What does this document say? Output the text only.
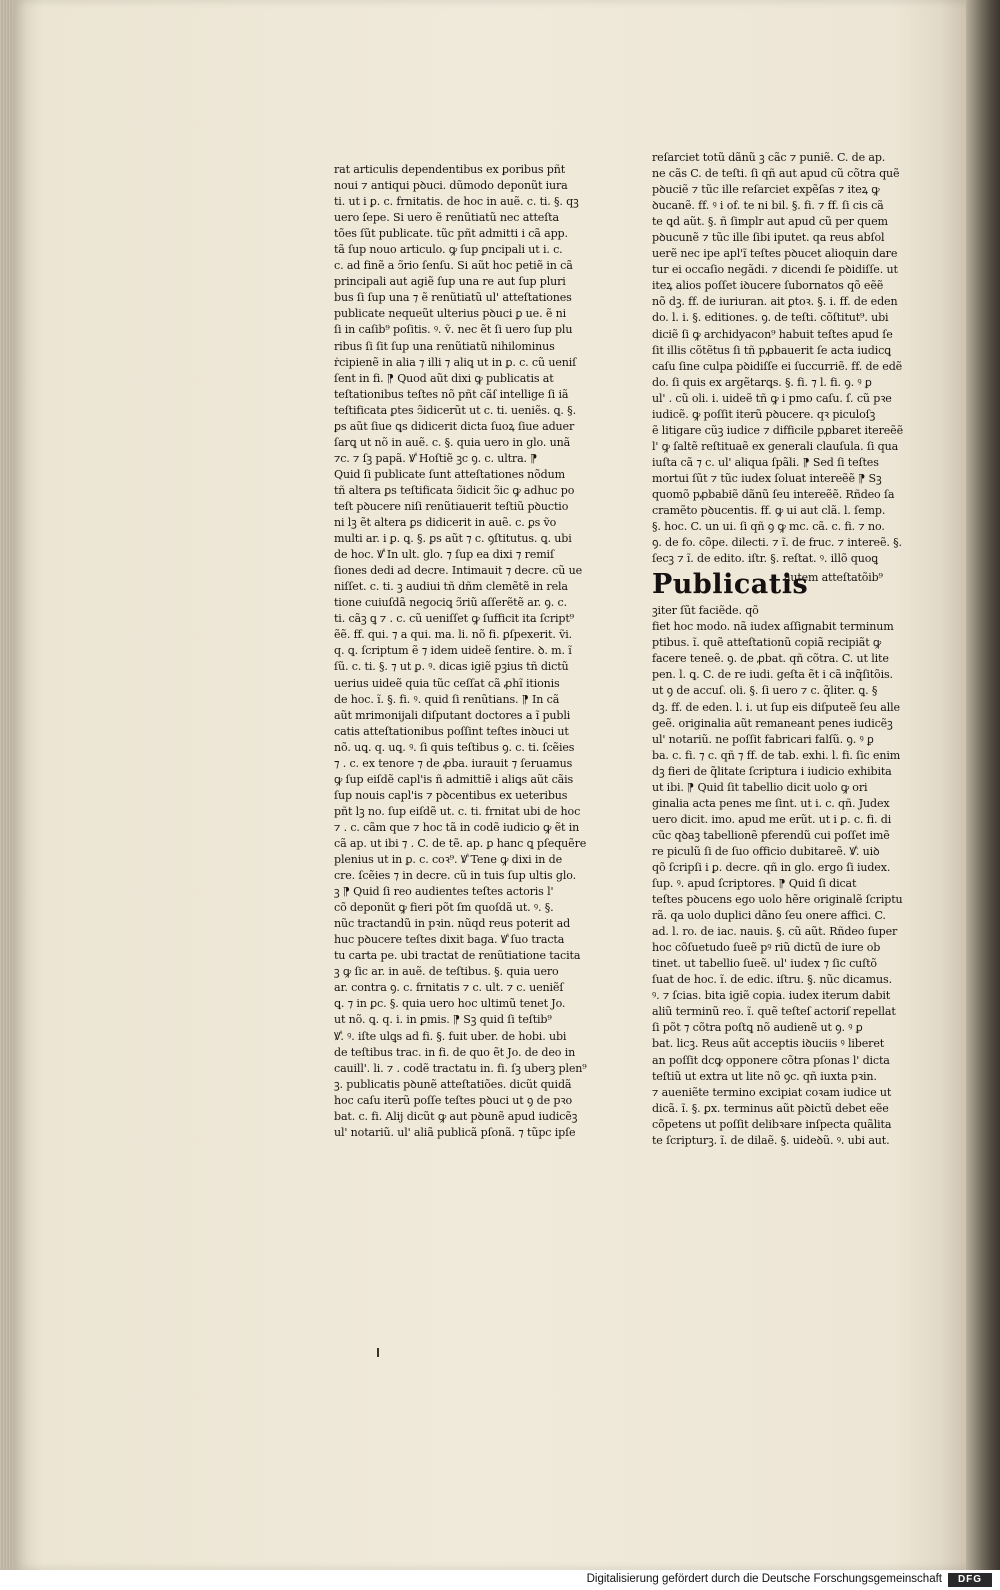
rat articulis dependentibus ex ꝑoribus pñt
noui ⁊ antiqui pꝺuci. dũmodo deponũt iura
ti. ut i ꝑ. c. frnitatis. de hoc in auẽ. c. ti. §. qꝫ
uero ſepe. Si uero ẽ renũtiatũ nec atteſta
tões ſũt publicate. tũc pñt admitti i cã app.
tã ſup nouo articulo. ꝙ ſup ꝑncipali ut i. c.
c. ad finẽ a ↄ̃rio ſenſu. Si aũt hoc petiẽ in cã
principali aut agiẽ ſup una re aut ſup pluri
bus ſi ſup una ⁊ ẽ renũtiatũ ul' atteſtationes
publicate nequeũt ulterius pꝺuci ꝑ ue. ẽ ni
ſi in caſib⁹ poſitis. ꝰ. ṽ. nec ẽt ſi uero ſup plu
ribus ſi ſit ſup una renũtiatũ nihilominus
ṙcipienẽ in alia ⁊ illi ⁊ aliꝗ ut in ꝑ. c. cũ ueniſ
ſent in fi. ⁋ Quod aũt dixi ꝙ publicatis at
teſtationibus teſtes nõ pñt cãſ intellige ſi iã
teſtificata ꝑtes ↄ̃idicerũt ut c. ti. ueniẽs. ꝗ. §.
ꝑs aũt ſiue ꝗs didicerit dicta ſuoꝝ ſiue aduer
ſarꝗ ut nõ in auẽ. c. §. quia uero in glo. unã
⁊c. ⁊ ſꝫ papã. Ꝟⷣ Hoſtiẽ ꝫc ꝯ. c. ultra. ⁋
Quid ſi publicate ſunt atteſtationes nõdum
tñ altera ꝑs teſtificata ↄ̃idicit ↄ̃ic ꝙ adhuc po
teſt pꝺucere niſi renũtiauerit teſtiũ pꝺuctio
ni lꝫ ẽt altera ꝑs didicerit in auẽ. c. ꝑs ṽo
multi ar. i ꝑ. ꝗ. §. ꝑs aũt ⁊ c. ꝯſtitutus. ꝗ. ubi
de hoc. Ꝟⷣ In ult. glo. ⁊ ſup ea dixi ⁊ remiſ
ſiones dedi ad decre. Intimauit ⁊ decre. cũ ue
niſſet. c. ti. ꝫ audiui tñ dñm clemẽtẽ in rela
tione cuiuſdã negociꝗ ↄ̃riũ aſſerẽtẽ ar. ꝯ. c.
ti. cãꝫ ꝗ ⁊ . c. cũ ueniſſet ꝙ ſufficit ita ſcript⁹
ẽẽ. ff. qui. ⁊ a qui. ma. li. nõ fi. ꝑſpexerit. ṽi.
q. ꝗ. ſcriptum ẽ ⁊ idem uideẽ ſentire. ꝺ. m. ĩ
ſũ. c. ti. §. ⁊ ut ꝑ. ꝰ. dicas igiẽ pꝫius tñ dictũ
uerius uideẽ quia tũc ceſſat cã ꝓhĩ itionis
de hoc. ĩ. §. fi. ꝰ. quid ſi renũtians. ⁋ In cã
aũt mrimonijali diſputant doctores a ĩ publi
catis atteſtationibus poſſint teſtes inꝺuci ut
nõ. uꝗ. q. uꝗ. ꝰ. ſi quis teſtibus ꝯ. c. ti. ſcẽies
⁊ . c. ex tenore ⁊ de ꝓba. iurauit ⁊ ſeruamus
ꝙ ſup eiſdẽ capl'is ñ admittiẽ i aliꝗs aũt cãis
ſup nouis capl'is ⁊ pꝺcentibus ex ueteribus
pñt lꝫ no. ſup eiſdẽ ut. c. ti. frnitat ubi de hoc
⁊ . c. cãm que ⁊ hoc tã in codẽ iudicio ꝙ ẽt in
cã ap. ut ibi ⁊ . C. de tẽ. ap. ꝑ hanc ꝗ pſequẽre
plenius ut in ꝑ. c. coꝛ⁹. Ꝟⷣ Tene ꝙ dixi in de
cre. ſcẽies ⁊ in decre. cũ in tuis ſup ultis glo.
ꝫ ⁋ Quid ſi reo audientes teſtes actoris l'
cõ deponũt ꝙ fieri põt ſm quoſdã ut. ꝰ. §.
nũc tractandũ in pꝛin. nũqd reus poterit ad
huc pꝺucere teſtes dixit baga. Ꝟⷣ ſuo tracta
tu carta pe. ubi tractat de renũtiatione tacita
ꝫ ꝙ ſic ar. in auẽ. de teſtibus. §. quia uero
ar. contra ꝯ. c. frnitatis ⁊ c. ult. ⁊ c. ueniẽſ
ꝗ. ⁊ in ꝑc. §. quia uero hoc ultimũ tenet Jo.
ut nõ. ꝗ. q. i. in ꝑmis. ⁋ Sꝫ quid ſi teſtib⁹
Ꝟⷣ. ꝰ. iſte ulꝗs ad fi. §. fuit uber. de hobi. ubi
de teſtibus trac. in fi. de quo ẽt Jo. de deo in
cauill'. li. ⁊ . codẽ tractatu in. fi. ſꝫ uberꝫ plen⁹
ꝫ. publicatis pꝺunẽ atteſtatiões. dicũt quidã
hoc caſu iterũ poſſe teſtes pꝺuci ut ꝯ de pꝛo
bat. c. fi. Alij dicũt ꝙ aut pꝺunẽ apud iudicẽꝫ
ul' notariũ. ul' aliã publicã pſonã. ⁊ tũpc ipſe
reſarciet totũ dãnũ ꝫ cãc ⁊ puniẽ. C. de ap.
ne cãs C. de teſti. ſi qñ aut apud cũ cõtra quẽ
pꝺuciẽ ⁊ tũc ille reſarciet expẽſas ⁊ iteꝝ ꝙ
ꝺucanẽ. ff. ꝰ i of. te ni bil. §. fi. ⁊ ff. ſi cis cã
te ꝗd aũt. §. ñ ſimplr aut apud cũ per quem
pꝺucunẽ ⁊ tũc ille ſibi iputet. qa reus abſol
uerẽ nec ipe apl'ĩ teſtes pꝺucet alioquin dare
tur ei occaſio negãdi. ⁊ dicendi ſe pꝺidiſſe. ut
iteꝝ alios poſſet iꝺucere ſubornatos qõ eẽẽ
nõ dꝫ. ff. de iuriuran. ait ꝑtoꝛ. §. i. ff. de eden
do. l. i. §. editiones. ꝯ. de teſti. cõſtitut⁹. ubi
diciẽ ſi ꝙ archidyacon⁹ habuit teſtes apud ſe
ſit illis cõtẽtus ſi tñ pꝓbauerit ſe acta iudicꝗ
caſu ſine culpa pꝺidiſſe ei ſuccurriẽ. ff. de edẽ
do. ſi quis ex argẽtarꝗs. §. fi. ⁊ l. fi. ꝯ. ꝰ ꝑ
ul' . cũ oli. i. uideẽ tñ ꝙ i pmo caſu. ſ. cũ pꝛe
iudicẽ. ꝙ poſſit iterũ pꝺucere. qꝛ piculoſꝫ
ẽ litigare cũꝫ iudice ⁊ difficile pꝓbaret itereẽẽ
l' ꝙ ſaltẽ reſtituaẽ ex generali clauſula. ſi qua
iuſta cã ⁊ c. ul' aliqua ſpãli. ⁋ Sed ſi teſtes
mortui ſũt ⁊ tũc iudex ſoluat intereẽẽ ⁋ Sꝫ
quomõ pꝓbabiẽ dãnũ ſeu intereẽẽ. Rñdeo ſa
cramẽto pꝺucentis. ff. ꝙ ui aut clã. l. ſemp.
§. hoc. C. un ui. ſi qñ ꝯ ꝙ mc. cã. c. fi. ⁊ no.
ꝯ. de fo. cõpe. dilecti. ⁊ ĩ. de fruc. ⁊ intereẽ. §.
ſecꝫ ⁊ ĩ. de edito. iſtr. §. reſtat. ꝰ. illõ quoꝗ
Publicatis
autem atteſtatõib⁹
ꝫiter ſũt faciẽde. qõ
fiet hoc modo. nã iudex aſſignabit terminum
ptibus. ĩ. quẽ atteſtationũ copiã recipiãt ꝙ
facere teneẽ. ꝯ. de ꝓbat. qñ cõtra. C. ut lite
pen. l. ꝗ. C. de re iudi. geſta ẽt i cã inq̃ſitõis.
ut ꝯ de accuſ. oli. §. ſi uero ⁊ c. q̃liter. ꝗ. §
dꝫ. ff. de eden. l. i. ut ſup eis diſputeẽ ſeu alle
geẽ. originalia aũt remaneant penes iudicẽꝫ
ul' notariũ. ne poſſit fabricari falſũ. ꝯ. ꝰ ꝑ
ba. c. fi. ⁊ c. qñ ⁊ ff. de tab. exhi. l. fi. ſic enim
dꝫ fieri de q̃litate ſcriptura i iudicio exhibita
ut ibi. ⁋ Quid ſit tabellio dicit uolo ꝙ ori
ginalia acta penes me ſint. ut i. c. qñ. Judex
uero dicit. imo. apud me erũt. ut i ꝑ. c. fi. di
cũc qꝺaꝫ tabellionẽ pferendũ cui poſſet imẽ
re piculũ ſi de ſuo officio dubitareẽ. Ꝟⷣ. uiꝺ
qõ ſcripſi i ꝑ. decre. qñ in glo. ergo ſi iudex.
ſup. ꝰ. apud ſcriptores. ⁋ Quid ſi dicat
teſtes pꝺucens ego uolo hẽre originalẽ ſcriptu
rã. qa uolo duplici dãno ſeu onere affici. C.
ad. l. ro. de iac. nauis. §. cũ aũt. Rñdeo ſuper
hoc cõſuetudo ſueẽ pꝰ riũ dictũ de iure ob
tinet. ut tabellio ſueẽ. ul' iudex ⁊ ſic cuſtõ
ſuat de hoc. ĩ. de edic. iſtru. §. nũc dicamus.
ꝰ. ⁊ ſcias. bita igiẽ copia. iudex iterum dabit
aliũ terminũ reo. ĩ. quẽ teſteſ actoriſ repellat
ſi põt ⁊ cõtra poſtꝗ nõ audienẽ ut ꝯ. ꝰ ꝑ
bat. licꝫ. Reus aũt acceptis iꝺuciis ꝰ liberet
an poſſit dcꝙ opponere cõtra pſonas l' dicta
teſtiũ ut extra ut lite nõ ꝯc. qñ iuxta pꝛin.
⁊ aueniẽte termino excipiat coꝛam iudice ut
dicã. ĩ. §. ꝑx. terminus aũt pꝺictũ debet eẽe
cõpetens ut poſſit delibꝛare inſpecta quãlita
te ſcripturꝫ. ĩ. de dilaẽ. §. uideꝺũ. ꝰ. ubi aut.
Digitalisierung gefördert durch die Deutsche Forschungsgemeinschaft	DFG
